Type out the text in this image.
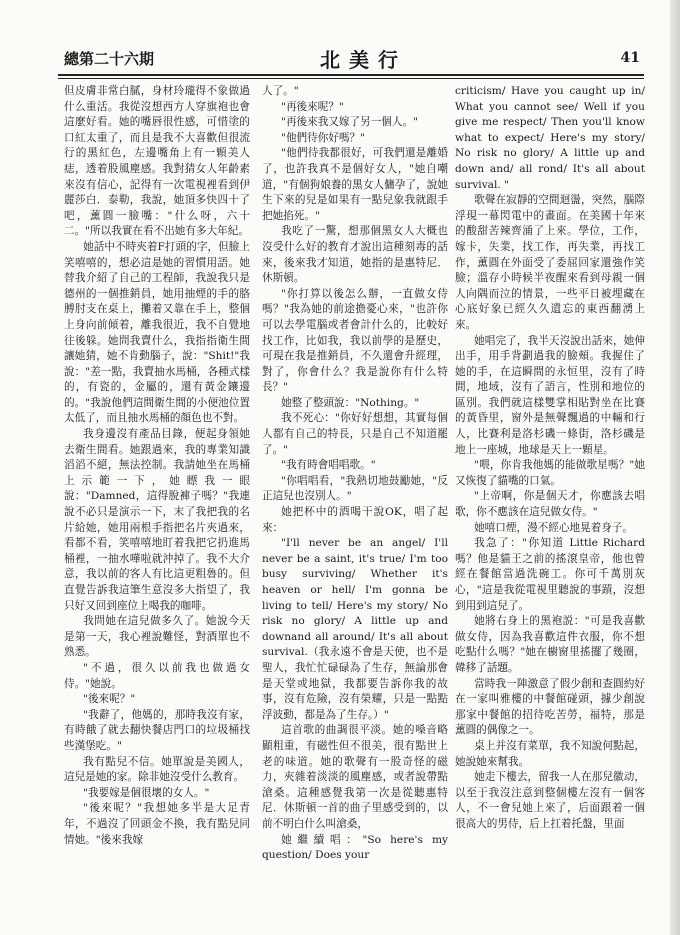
總第二十六期	北美行	41

但皮膚非常白膩，身材玲瓏得不象做過什么重活。我從沒想西方人穿旗袍也會這麼好看。她的嘴唇很性感，可惜塗的口紅太重了，而且是我不大喜歡但很流行的黑紅色，左邊嘴角上有一顆美人痣，透着股風塵感。我對猜女人年齡素來沒有信心，記得有一次電視裡看到伊麗莎白．泰勒，我說，她頂多快四十了吧，薰圓一臉嘴："什么呀，六十二。"所以我實在看不出她有多大年紀。

她話中不時夾着F打頭的字，但臉上笑嘻嘻的，想必這是她的習慣用語。她替我介紹了自己的工程師，我說我只是德州的一個推銷員，她用抽煙的手的胳膊肘支在桌上，攤着又靠在手上，整個上身向前傾着，離我很近，我不自覺地往後躲。她問我賣什么，我指指衛生間讓她猜，她不肯動腦子，說："Shit!"我說："差一點，我賣抽水馬桶，各種式樣的，有瓷的，金屬的，還有黃金鑲邊的。"我說他們這間衛生間的小便池位置太低了，而且抽水馬桶的顏色也不對。

我身邊沒有產品目錄，便起身領她去衛生間看。她跟過來，我的專業知識滔滔不絕，無法控制。我請她坐在馬桶上示範一下，她瞟我一眼說："Damned，這得脫褲子嗎？"我連說不必只是演示一下，末了我把我的名片給她，她用兩根手指把名片夾過來，看都不看，笑嘻嘻地盯着我把它扔進馬桶裡，一抽水嘩啦就沖掉了。我不大介意，我以前的客人有比這更粗魯的。但直覺告訴我這筆生意沒多大指望了，我只好又回到座位上喝我的咖啡。

我問她在這兒做多久了。她說今天是第一天，我心裡說難怪，對酒單也不熟悉。

"不過，很久以前我也做過女侍。"她說。

"後來呢？"

"我辭了，他媽的，那時我沒有家，有時餓了就去翻快餐店門口的垃圾桶找些漢堡吃。"

我有點兒不信。她單說是美國人，這兒是她的家。除非她沒受什么教育。

"我要嫁是個很壞的女人。"

"後來呢？"我想她多半是大足青年，不過沒了回頭金不換，我有點兒同情她。"後來我嫁

人了。"

"再後來呢？"

"再後來我又嫁了另一個人。"

"他們待你好嗎？"

"他們待我都很好，可我們還是離婚了，也許我真不是個好女人，"她自嘲道，"有個狗娘養的黑女人傭孕了，說她生下來的兒是如果有一點兒象我就跟手把她掐死。"

我吃了一驚，想那個黑女人大概也沒受什么好的教育才說出這種刻毒的話來，後來我才知道，她指的是惠特尼．休斯頓。

"你打算以後怎么辦，一直做女侍嗎？"我為她的前途擔憂心來，"也許你可以去學電腦或者會計什么的，比較好找工作，比如我，我以前學的是歷史，可現在我是推銷員，不久還會升經理，對了，你會什么？我是說你有什么特長？"

她整了整頭說："Nothing。"

我不死心："你好好想想，其實每個人都有自己的特長，只是自己不知道罷了。"

"我有時會唱唱歌。"

"你唱唱看，"我熱切地鼓勵她，"反正這兒也沒別人。"

她把杯中的酒喝干說OK，唱了起來：

"I'll never be an angel/ I'll never be a saint, it's true/ I'm too busy surviving/ Whether it's heaven or hell/ I'm gonna be living to tell/ Here's my story/ No risk no glory/ A little up and downand all around/ It's all about survival.（我永遠不會是天使，也不是聖人，我忙忙碌碌為了生存，無論那會是天堂或地獄，我都要告訴你我的故事，沒有危險，沒有榮耀，只是一點點浮波動，都是為了生存。）"

這首歌的曲調很平淡。她的嗓音略顯粗重，有磁性但不很美，很有點世上老的味道。她的歌聲有一股奇怪的磁力，夾雜着淡淡的風塵感，或者說帶點滄桑。這種感覺我第一次是從聽惠特尼．休斯頓一首的曲子里感受到的，以前不明白什么叫滄桑，

她繼續唱："So here's my question/ Does your

criticism/ Have you caught up in/ What you cannot see/ Well if you give me respect/ Then you'll know what to expect/ Here's my story/ No risk no glory/ A little up and down and/ all rond/ It's all about survival. "

歌聲在寂靜的空間迴盪，突然，腦際浮現一幕閃電中的畫面。在美國十年來的酸甜苦辣齊涌了上來。學位，工作，嫁卡，失業，找工作，再失業，再找工作，薰圓在外面受了委屈回家還強作笑臉；溫存小時候半夜醒來看到母親一個人向隅而泣的情景，一些平日被埋藏在心底好象已經久久遺忘的東西翻湧上來。

她唱完了，我半天沒說出話來，她伸出手，用手背劃過我的臉頰。我握住了她的手，在這瞬間的永恒里，沒有了時間，地域，沒有了語言，性別和地位的區別。我們就這樣雙掌相貼對坐在比賽的黃昏里，窗外是無聲飄過的中輛和行人，比賽利是洛杉磯一條街，洛杉磯是地上一座城，地球是天上一顆星。

"喂，你肯我他媽的能做歌星嗎？"她又恢復了貓嘴的口氣。

"上帝啊，你是個天才，你應該去唱歌，你不應該在這兒做女侍。"

她嘻口煙，漫不經心地晃着身子。

我急了："你知道 Little Richard 嗎？他是貓王之前的搖滾皇帝，他也曾經在餐館當過洗碗工。你可千萬別灰心，"這是我從電視里聽說的事蹟，沒想到用到這兒了。

她將右身上的黑袍説："可是我喜歡做女侍，因為我喜歡這件衣服，你不想吃點什么嗎？"她在櫥窗里搖擺了幾圈，韓移了話題。

當時我一陣激意了假少創和查圓約好在一家叫雅樓的中餐館碰頭，據少創說那家中餐館的招待吃苦勞，福特，那是薰圓的偶像之一。

桌上并沒有菜單，我不知說何點起，她說她來幫我。

她走下樓去，留我一人在那兒徽动，以至于我沒注意到整個樓左沒有一個客人，不一會兒她上來了，后面跟着一個很高大的男侍，后上扛着托盤，里面
